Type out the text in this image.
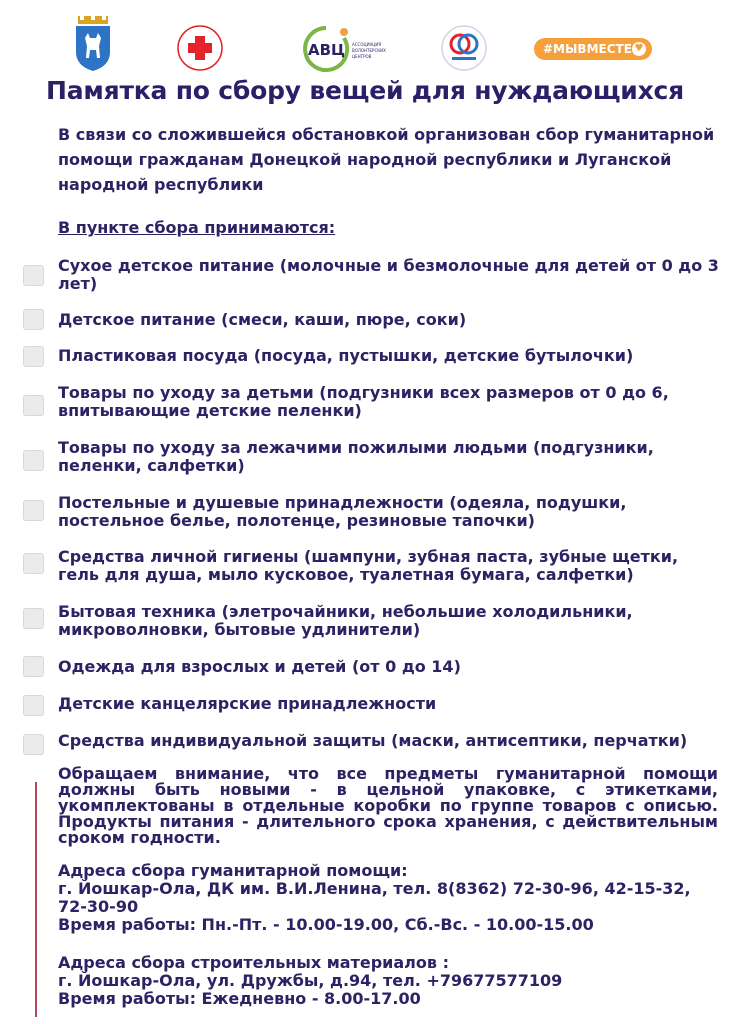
АВЦ АССОЦИАЦИЯ
ВОЛОНТЕРСКИХ
ЦЕНТРОВ
#МЫВМЕСТЕ ♥
Памятка по сбору вещей для нуждающихся

В связи со сложившейся обстановкой организован сбор гуманитарной помощи гражданам Донецкой народной республики и Луганской народной республики

В пункте сбора принимаются:

Сухое детское питание (молочные и безмолочные для детей от 0 до 3 лет)

Детское питание (смеси, каши, пюре, соки)

Пластиковая посуда (посуда, пустышки, детские бутылочки)

Товары по уходу за детьми (подгузники всех размеров от 0 до 6, впитывающие детские пеленки)

Товары по уходу за лежачими пожилыми людьми (подгузники, пеленки, салфетки)

Постельные и душевые принадлежности (одеяла, подушки, постельное белье, полотенце, резиновые тапочки)

Средства личной гигиены (шампуни, зубная паста, зубные щетки, гель для душа, мыло кусковое, туалетная бумага, салфетки)

Бытовая техника (элетрочайники, небольшие холодильники, микроволновки, бытовые удлинители)

Одежда для взрослых и детей (от 0 до 14)

Детские канцелярские принадлежности

Средства индивидуальной защиты (маски, антисептики, перчатки)

Обращаем внимание, что все предметы гуманитарной помощи должны быть новыми - в цельной упаковке, с этикетками, укомплектованы в отдельные коробки по группе товаров с описью. Продукты питания - длительного срока хранения, с действительным сроком годности.

Адреса сбора гуманитарной помощи:

г. Йошкар-Ола, ДК им. В.И.Ленина, тел. 8(8362) 72-30-96, 42-15-32, 72-30-90

Время работы: Пн.-Пт. - 10.00-19.00, Сб.-Вс. - 10.00-15.00

Адреса сбора строительных материалов :

г. Йошкар-Ола, ул. Дружбы, д.94, тел. +79677577109

Время работы: Ежедневно - 8.00-17.00
